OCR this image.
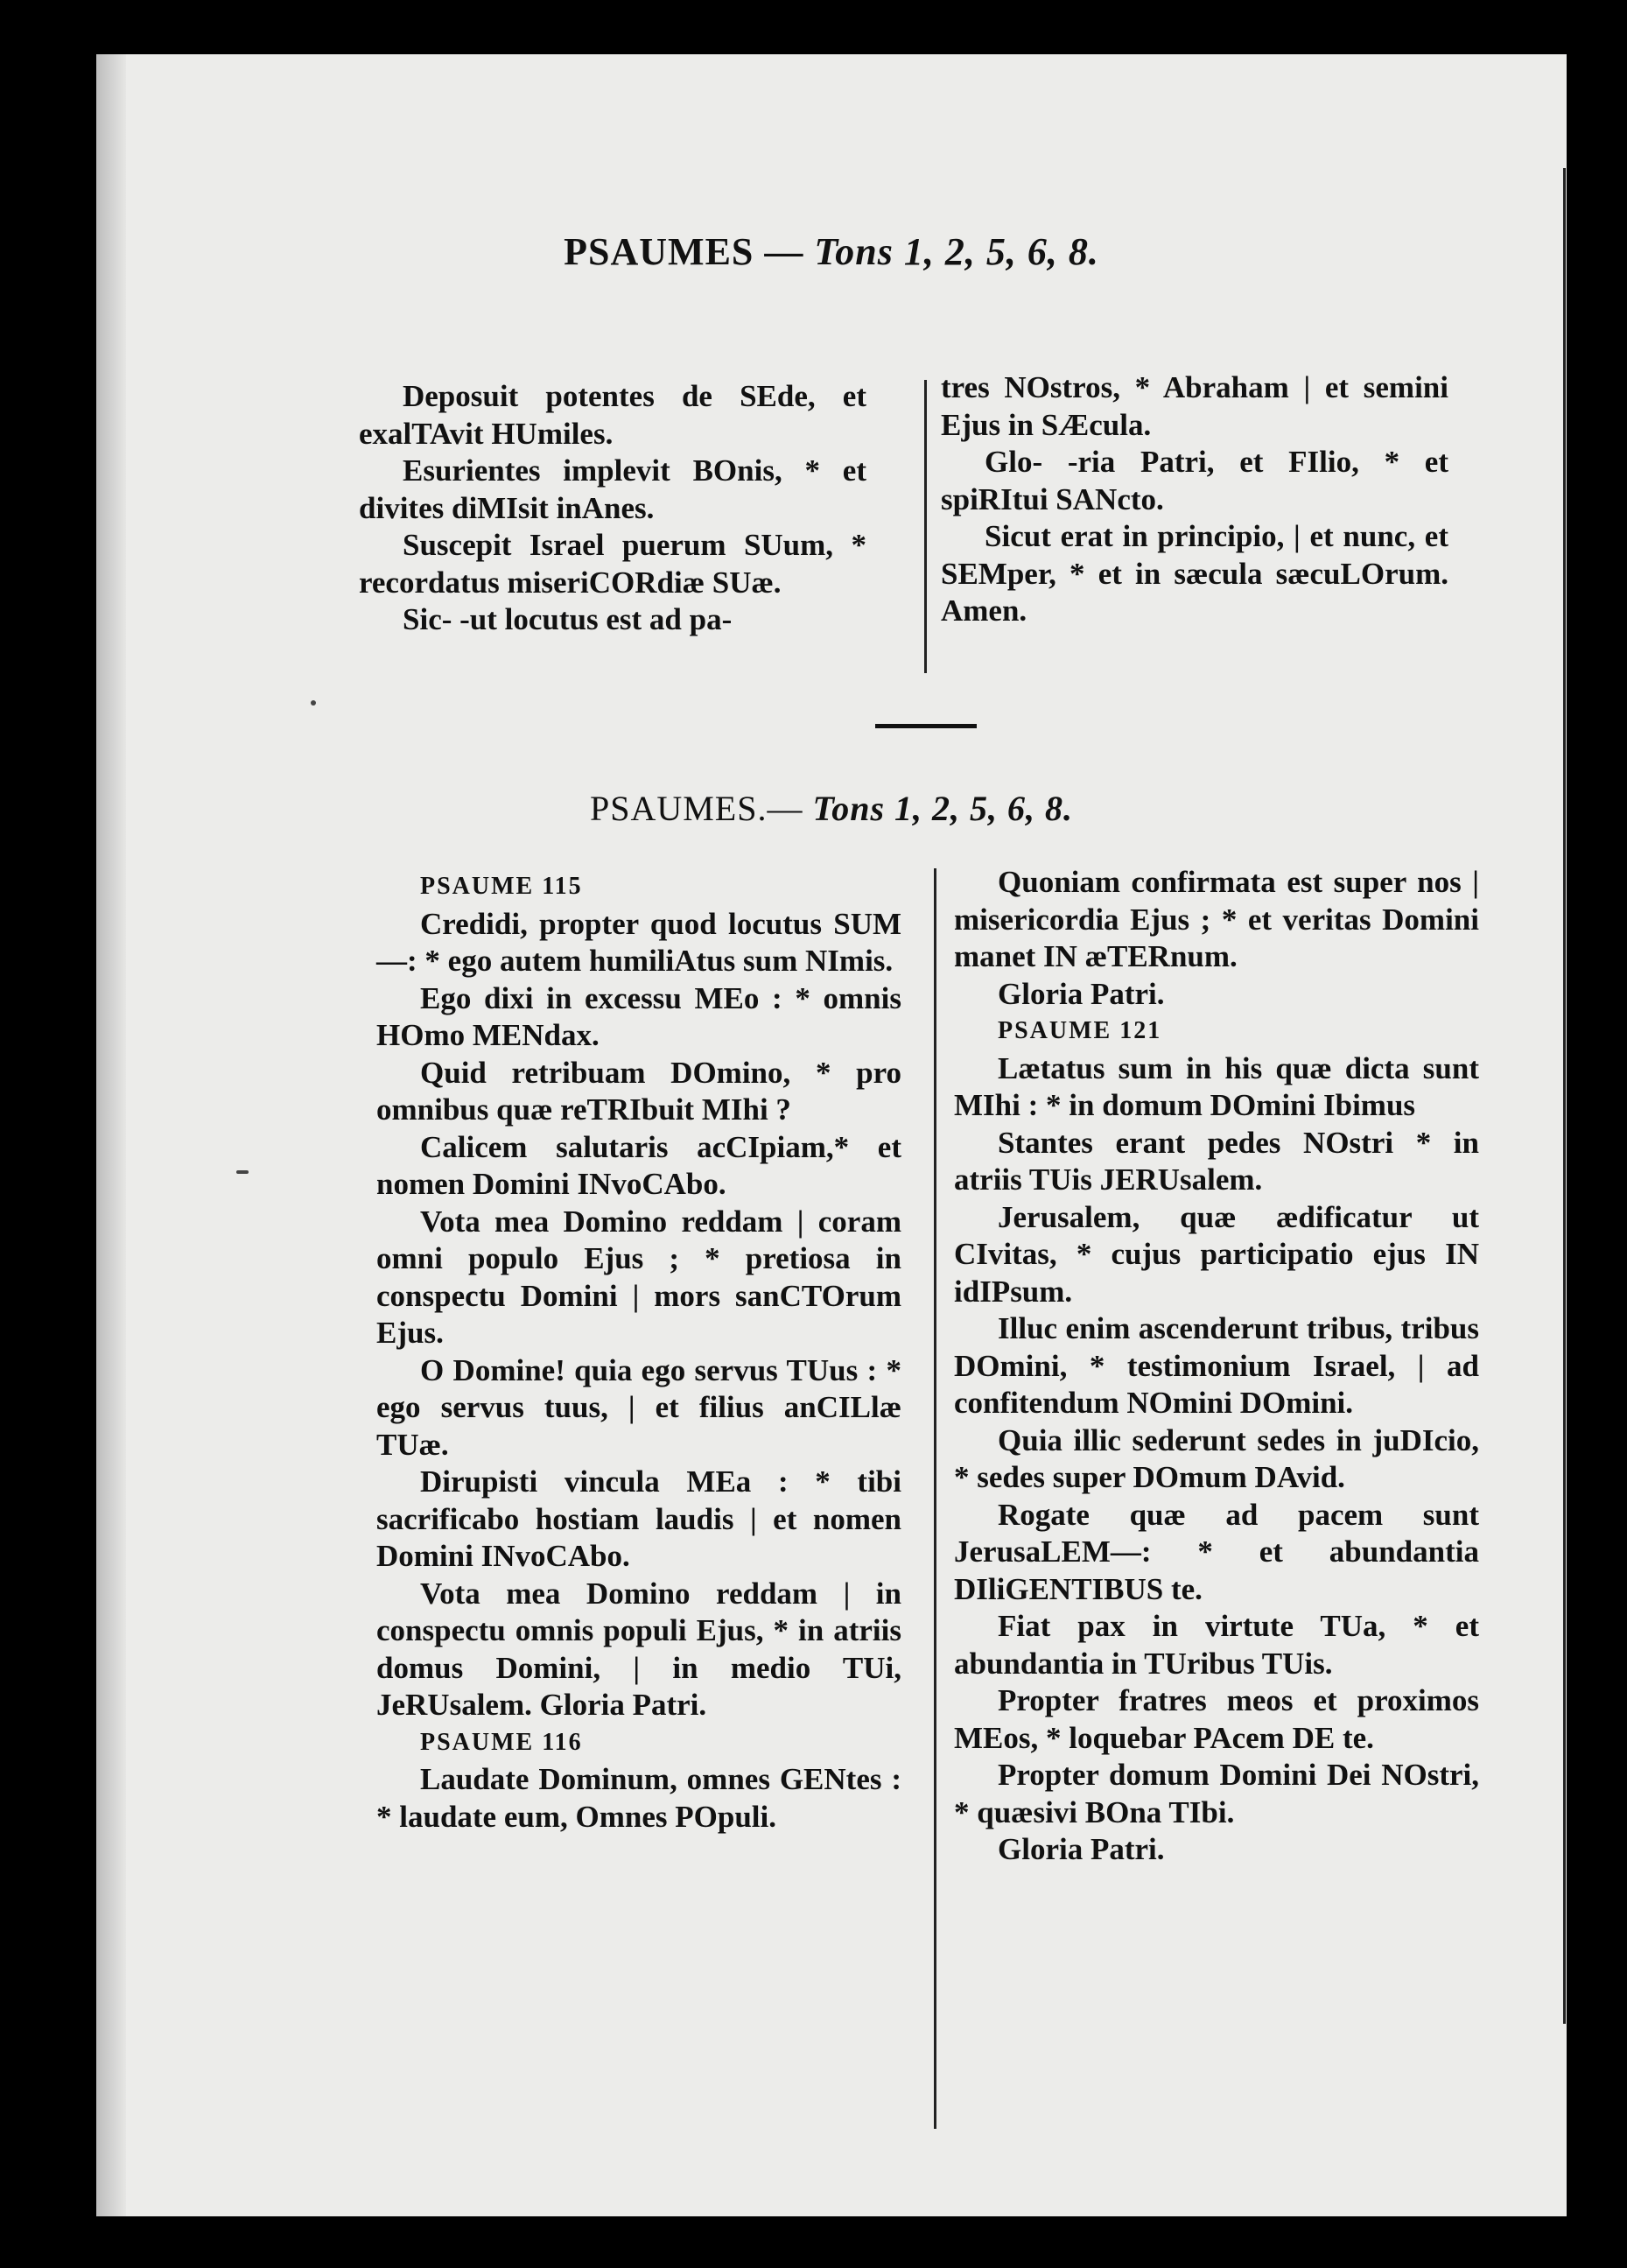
PSAUMES — Tons 1, 2, 5, 6, 8.

Deposuit potentes de SEde, et exalTAvit HUmiles.

Esurientes implevit BOnis, * et divites diMIsit inAnes.

Suscepit Israel puerum SUum, * recordatus miseriCORdiæ SUæ.

Sic- -ut locutus est ad pa-

tres NOstros, * Abraham | et semini Ejus in SÆcula.

Glo- -ria Patri, et FIlio, * et spiRItui SANcto.

Sicut erat in principio, | et nunc, et SEMper, * et in sæcula sæcuLOrum. Amen.

PSAUMES.— Tons 1, 2, 5, 6, 8.

PSAUME 115

Credidi, propter quod locutus SUM—: * ego autem humiliAtus sum NImis.

Ego dixi in excessu MEo : * omnis HOmo MENdax.

Quid retribuam DOmino, * pro omnibus quæ reTRIbuit MIhi ?

Calicem salutaris acCIpiam,* et nomen Domini INvoCAbo.

Vota mea Domino reddam | coram omni populo Ejus ; * pretiosa in conspectu Domini | mors sanCTOrum Ejus.

O Domine! quia ego servus TUus : * ego servus tuus, | et filius anCILlæ TUæ.

Dirupisti vincula MEa : * tibi sacrificabo hostiam laudis | et nomen Domini INvoCAbo.

Vota mea Domino reddam | in conspectu omnis populi Ejus, * in atriis domus Domini, | in medio TUi, JeRUsalem. Gloria Patri.

PSAUME 116

Laudate Dominum, omnes GENtes : * laudate eum, Omnes POpuli.

Quoniam confirmata est super nos | misericordia Ejus ; * et veritas Domini manet IN æTERnum.

Gloria Patri.

PSAUME 121

Lætatus sum in his quæ dicta sunt MIhi : * in domum DOmini Ibimus

Stantes erant pedes NOstri * in atriis TUis JERUsalem.

Jerusalem, quæ ædificatur ut CIvitas, * cujus participatio ejus IN idIPsum.

Illuc enim ascenderunt tribus, tribus DOmini, * testimonium Israel, | ad confitendum NOmini DOmini.

Quia illic sederunt sedes in juDIcio, * sedes super DOmum DAvid.

Rogate quæ ad pacem sunt JerusaLEM—: * et abundantia DIliGENTIBUS te.

Fiat pax in virtute TUa, * et abundantia in TUribus TUis.

Propter fratres meos et proximos MEos, * loquebar PAcem DE te.

Propter domum Domini Dei NOstri, * quæsivi BOna TIbi.

Gloria Patri.
